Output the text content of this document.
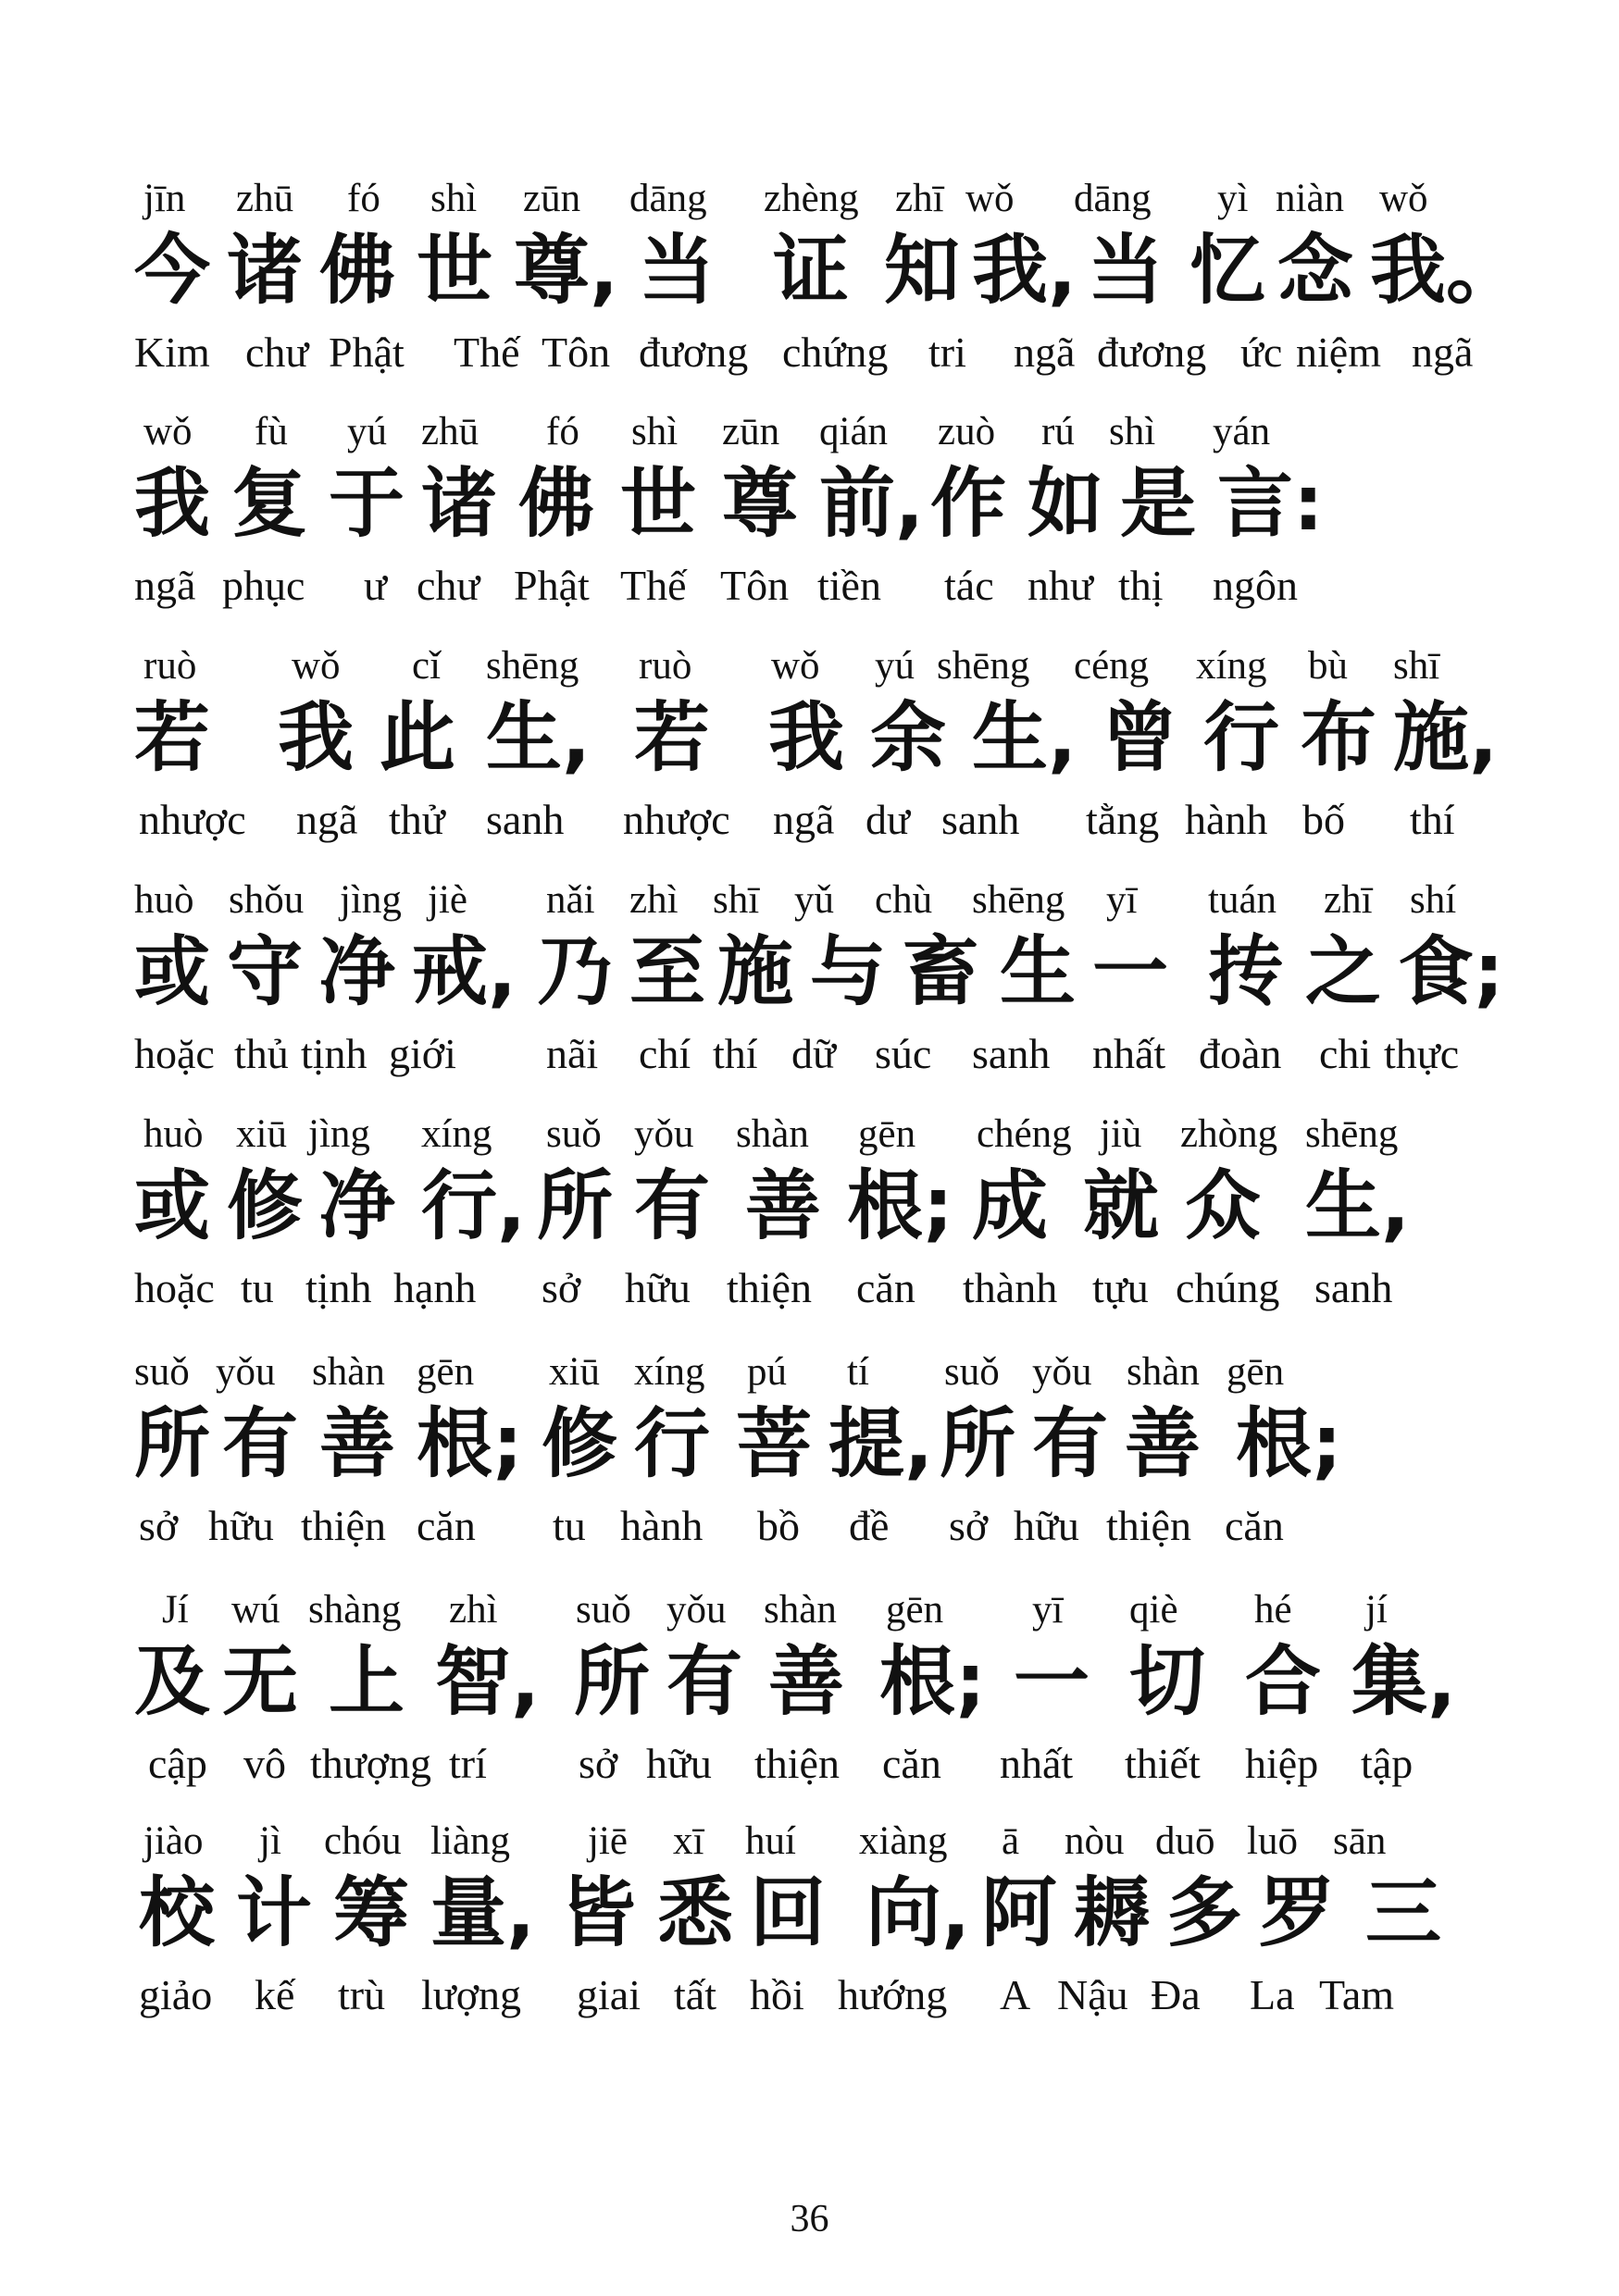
jīn zhū fó shì zūn dāng zhèng zhī wǒ dāng yì niàn wǒ
今 诸 佛 世 尊, 当 证 知 我, 当 忆 念 我。
Kim chư Phật Thế Tôn đương chứng tri ngã đương ức niệm ngã
wǒ fù yú zhū fó shì zūn qián zuò rú shì yán
我 复 于 诸 佛 世 尊 前, 作 如 是 言:
ngã phục ư chư Phật Thế Tôn tiền tác như thị ngôn
ruò wǒ cǐ shēng ruò wǒ yú shēng céng xíng bù shī
若 我 此 生, 若 我 余 生, 曾 行 布 施,
nhược ngã thử sanh nhược ngã dư sanh tằng hành bố thí
huò shǒu jìng jiè nǎi zhì shī yǔ chù shēng yī tuán zhī shí
或 守 净 戒, 乃 至 施 与 畜 生 一 抟 之 食;
hoặc thủ tịnh giới nãi chí thí dữ súc sanh nhất đoàn chi thực
huò xiū jìng xíng suǒ yǒu shàn gēn chéng jiù zhòng shēng
或 修 净 行, 所 有 善 根; 成 就 众 生,
hoặc tu tịnh hạnh sở hữu thiện căn thành tựu chúng sanh
suǒ yǒu shàn gēn xiū xíng pú tí suǒ yǒu shàn gēn
所 有 善 根; 修 行 菩 提, 所 有 善 根;
sở hữu thiện căn tu hành bồ đề sở hữu thiện căn
Jí wú shàng zhì suǒ yǒu shàn gēn yī qiè hé jí
及 无 上 智, 所 有 善 根; 一 切 合 集,
cập vô thượng trí sở hữu thiện căn nhất thiết hiệp tập
jiào jì chóu liàng jiē xī huí xiàng ā nòu duō luō sān
校 计 筹 量, 皆 悉 回 向, 阿 耨 多 罗 三
giảo kế trù lượng giai tất hồi hướng A Nậu Đa La Tam
36
